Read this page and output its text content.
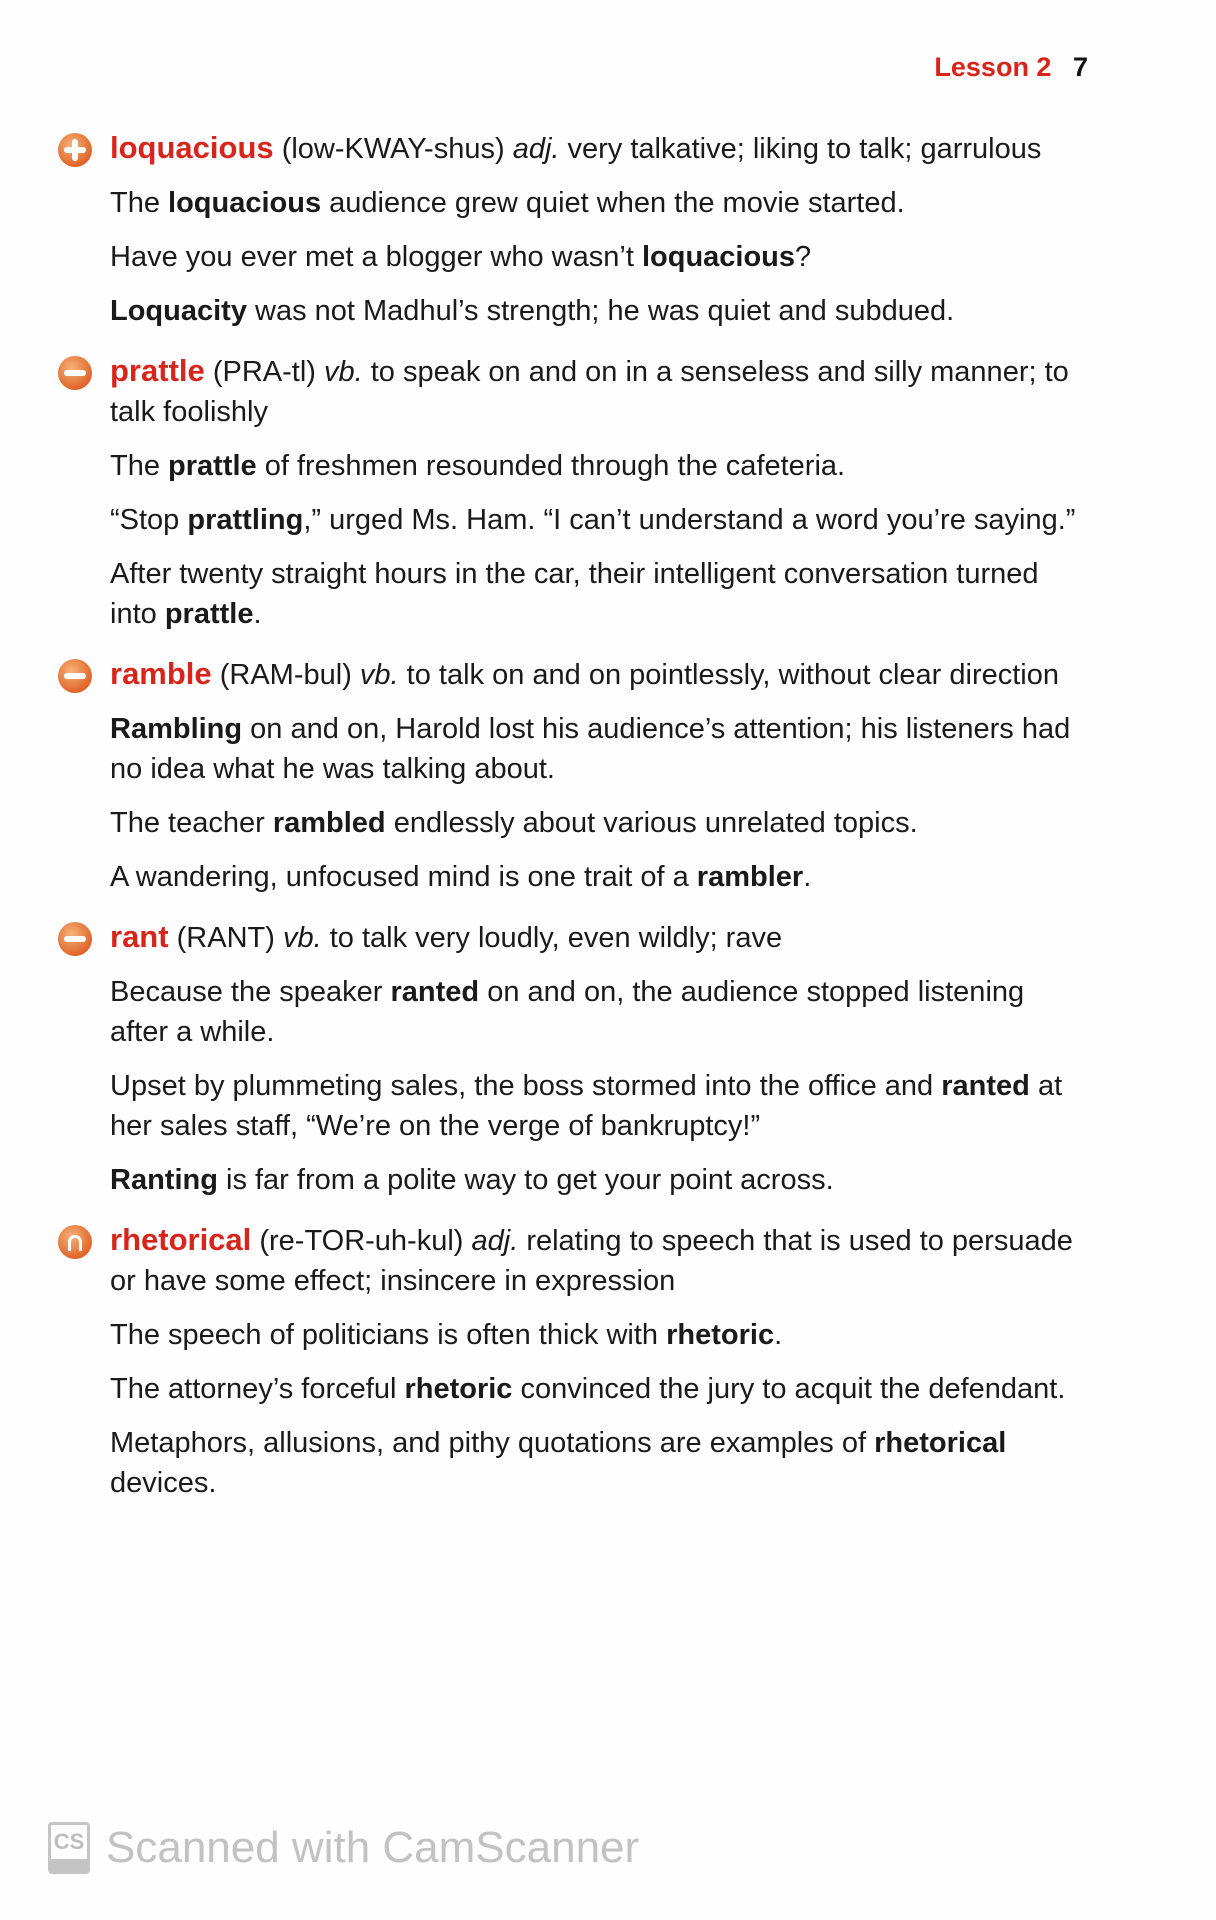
Lesson 2 7
loquacious (low-KWAY-shus) adj. very talkative; liking to talk; garrulous
The loquacious audience grew quiet when the movie started.
Have you ever met a blogger who wasn’t loquacious?
Loquacity was not Madhul’s strength; he was quiet and subdued.
prattle (PRA-tl) vb. to speak on and on in a senseless and silly manner; to talk foolishly
The prattle of freshmen resounded through the cafeteria.
“Stop prattling,” urged Ms. Ham. “I can’t understand a word you’re saying.”
After twenty straight hours in the car, their intelligent conversation turned into prattle.
ramble (RAM-bul) vb. to talk on and on pointlessly, without clear direction
Rambling on and on, Harold lost his audience’s attention; his listeners had no idea what he was talking about.
The teacher rambled endlessly about various unrelated topics.
A wandering, unfocused mind is one trait of a rambler.
rant (RANT) vb. to talk very loudly, even wildly; rave
Because the speaker ranted on and on, the audience stopped listening after a while.
Upset by plummeting sales, the boss stormed into the office and ranted at her sales staff, “We’re on the verge of bankruptcy!”
Ranting is far from a polite way to get your point across.
rhetorical (re-TOR-uh-kul) adj. relating to speech that is used to persuade or have some effect; insincere in expression
The speech of politicians is often thick with rhetoric.
The attorney’s forceful rhetoric convinced the jury to acquit the defendant.
Metaphors, allusions, and pithy quotations are examples of rhetorical devices.
CS Scanned with CamScanner
